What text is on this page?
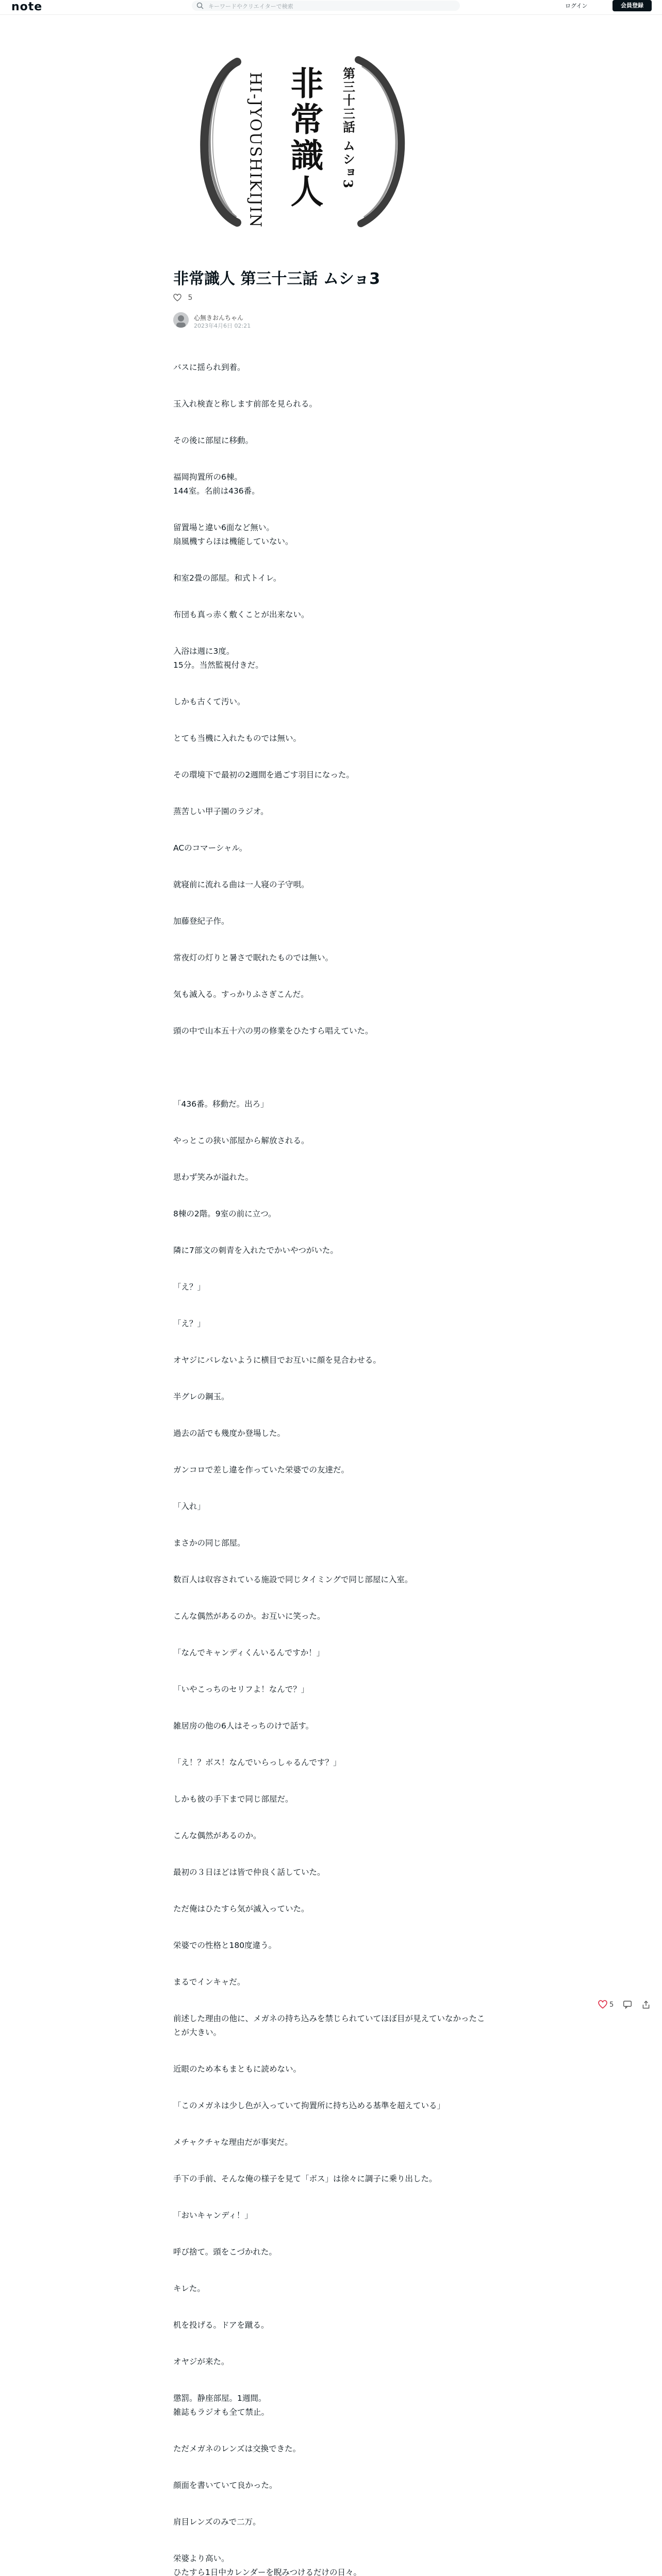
note	キーワードやクリエイターで検索	ログイン	会員登録
HI-JYOUSHIKIJIN 非常識人 第三十三話 ムショ3
非常識人 第三十三話 ムショ3
5
心無きおんちゃん
2023年4月6日 02:21
バスに揺られ到着。
玉入れ検査と称します前部を見られる。
その後に部屋に移動。
福岡拘置所の6棟。
144室。名前は436番。
留置場と違い6面など無い。
扇風機すらほは機能していない。
和室2畳の部屋。和式トイレ。
布団も真っ赤く敷くことが出来ない。
入浴は週に3度。
15分。当然監視付きだ。
しかも古くて汚い。
とても当機に入れたものでは無い。
その環境下で最初の2週間を過ごす羽目になった。
蒸苦しい甲子園のラジオ。
ACのコマーシャル。
就寝前に流れる曲は一人寝の子守唄。
加藤登紀子作。
常夜灯の灯りと暑さで眠れたものでは無い。
気も滅入る。すっかりふさぎこんだ。
頭の中で山本五十六の男の修業をひたすら唱えていた。
「436番。移動だ。出ろ」
やっとこの狭い部屋から解放される。
思わず笑みが溢れた。
8棟の2階。9室の前に立つ。
隣に7部文の刺青を入れたでかいやつがいた。
「え？」
「え？」
オヤジにバレないように横目でお互いに顔を見合わせる。
半グレの鋼玉。
過去の話でも幾度か登場した。
ガンコロで差し違を作っていた栄婆での友達だ。
「入れ」
まさかの同じ部屋。
数百人は収容されている施設で同じタイミングで同じ部屋に入室。
こんな偶然があるのか。お互いに笑った。
「なんでキャンディくんいるんですか！」
「いやこっちのセリフよ！なんで？」
雑居房の他の6人はそっちのけで話す。
「え！？ボス！なんでいらっしゃるんです？」
しかも彼の手下まで同じ部屋だ。
こんな偶然があるのか。
最初の３日ほどは皆で仲良く話していた。
ただ俺はひたすら気が滅入っていた。
栄婆での性格と180度違う。
まるでインキャだ。
前述した理由の他に、メガネの持ち込みを禁じられていてほぼ目が見えていなかったことが大きい。
近眼のため本もまともに読めない。
「このメガネは少し色が入っていて拘置所に持ち込める基準を超えている」
メチャクチャな理由だが事実だ。
手下の手前、そんな俺の様子を見て「ボス」は徐々に調子に乗り出した。
「おいキャンディ！」
呼び捨て。頭をこづかれた。
キレた。
机を投げる。ドアを蹴る。
オヤジが来た。
懲罰。静座部屋。1週間。
雑誌もラジオも全て禁止。
ただメガネのレンズは交換できた。
顔面を書いていて良かった。
肩目レンズのみで二万。
栄婆より高い。
ひたすら1日中カレンダーを睨みつけるだけの日々。
5
